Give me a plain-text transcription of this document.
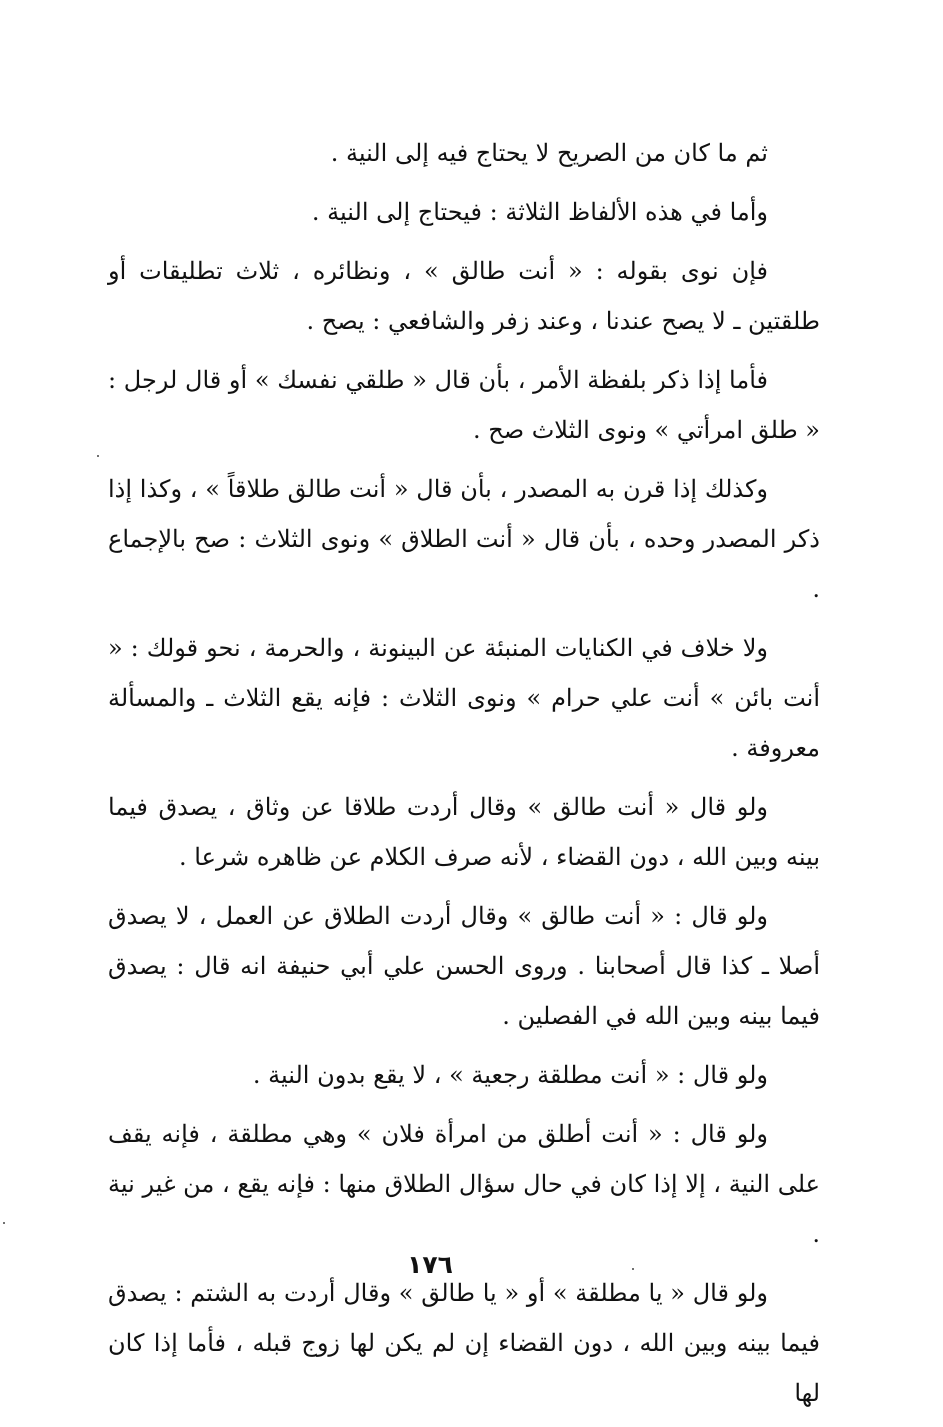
ثم ما كان من الصريح لا يحتاج فيه إلى النية .

وأما في هذه الألفاظ الثلاثة : فيحتاج إلى النية .

فإن نوى بقوله : « أنت طالق » ، ونظائره ، ثلاث تطليقات أو طلقتين ـ لا يصح عندنا ، وعند زفر والشافعي : يصح .

فأما إذا ذكر بلفظة الأمر ، بأن قال « طلقي نفسك » أو قال لرجل : « طلق امرأتي » ونوى الثلاث صح .

وكذلك إذا قرن به المصدر ، بأن قال « أنت طالق طلاقاً » ، وكذا إذا ذكر المصدر وحده ، بأن قال « أنت الطلاق » ونوى الثلاث : صح بالإجماع .

ولا خلاف في الكنايات المنبئة عن البينونة ، والحرمة ، نحو قولك : « أنت بائن » أنت علي حرام » ونوى الثلاث : فإنه يقع الثلاث ـ والمسألة معروفة .

ولو قال « أنت طالق » وقال أردت طلاقا عن وثاق ، يصدق فيما بينه وبين الله ، دون القضاء ، لأنه صرف الكلام عن ظاهره شرعا .

ولو قال : « أنت طالق » وقال أردت الطلاق عن العمل ، لا يصدق أصلا ـ كذا قال أصحابنا . وروى الحسن علي أبي حنيفة انه قال : يصدق فيما بينه وبين الله في الفصلين .

ولو قال : « أنت مطلقة رجعية » ، لا يقع بدون النية .

ولو قال : « أنت أطلق من امرأة فلان » وهي مطلقة ، فإنه يقف على النية ، إلا إذا كان في حال سؤال الطلاق منها : فإنه يقع ، من غير نية .

ولو قال « يا مطلقة » أو « يا طالق » وقال أردت به الشتم : يصدق فيما بينه وبين الله ، دون القضاء إن لم يكن لها زوج قبله ، فأما إذا كان لها

١٧٦
